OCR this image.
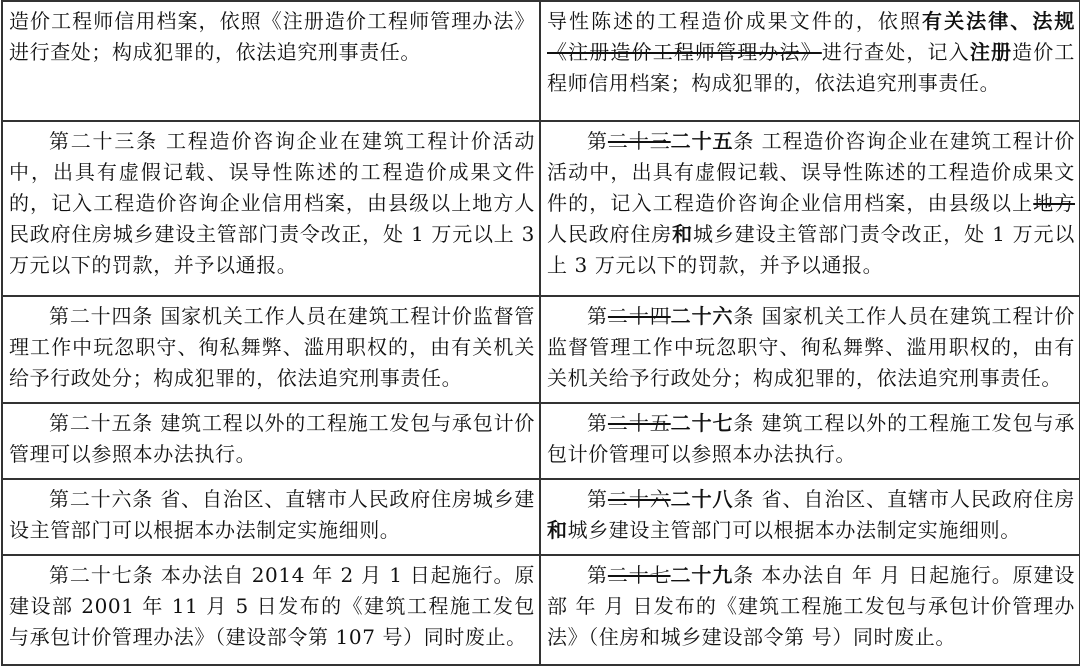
造价工程师信用档案，依照《注册造价工程师管理办法》进行查处；构成犯罪的，依法追究刑事责任。	导性陈述的工程造价成果文件的，依照有关法律、法规《注册造价工程师管理办法》进行查处，记入注册造价工程师信用档案；构成犯罪的，依法追究刑事责任。

第二十三条 工程造价咨询企业在建筑工程计价活动中，出具有虚假记载、误导性陈述的工程造价成果文件的，记入工程造价咨询企业信用档案，由县级以上地方人民政府住房城乡建设主管部门责令改正，处 1 万元以上 3 万元以下的罚款，并予以通报。	第二十三二十五条 工程造价咨询企业在建筑工程计价活动中，出具有虚假记载、误导性陈述的工程造价成果文件的，记入工程造价咨询企业信用档案，由县级以上地方人民政府住房和城乡建设主管部门责令改正，处 1 万元以上 3 万元以下的罚款，并予以通报。

第二十四条 国家机关工作人员在建筑工程计价监督管理工作中玩忽职守、徇私舞弊、滥用职权的，由有关机关给予行政处分；构成犯罪的，依法追究刑事责任。	第二十四二十六条 国家机关工作人员在建筑工程计价监督管理工作中玩忽职守、徇私舞弊、滥用职权的，由有关机关给予行政处分；构成犯罪的，依法追究刑事责任。

第二十五条 建筑工程以外的工程施工发包与承包计价管理可以参照本办法执行。	第二十五二十七条 建筑工程以外的工程施工发包与承包计价管理可以参照本办法执行。

第二十六条 省、自治区、直辖市人民政府住房城乡建设主管部门可以根据本办法制定实施细则。	第二十六二十八条 省、自治区、直辖市人民政府住房和城乡建设主管部门可以根据本办法制定实施细则。

第二十七条 本办法自 2014 年 2 月 1 日起施行。原建设部 2001 年 11 月 5 日发布的《建筑工程施工发包与承包计价管理办法》（建设部令第 107 号）同时废止。	第二十七二十九条 本办法自 年 月 日起施行。原建设部 年 月 日发布的《建筑工程施工发包与承包计价管理办法》（住房和城乡建设部令第 号）同时废止。
